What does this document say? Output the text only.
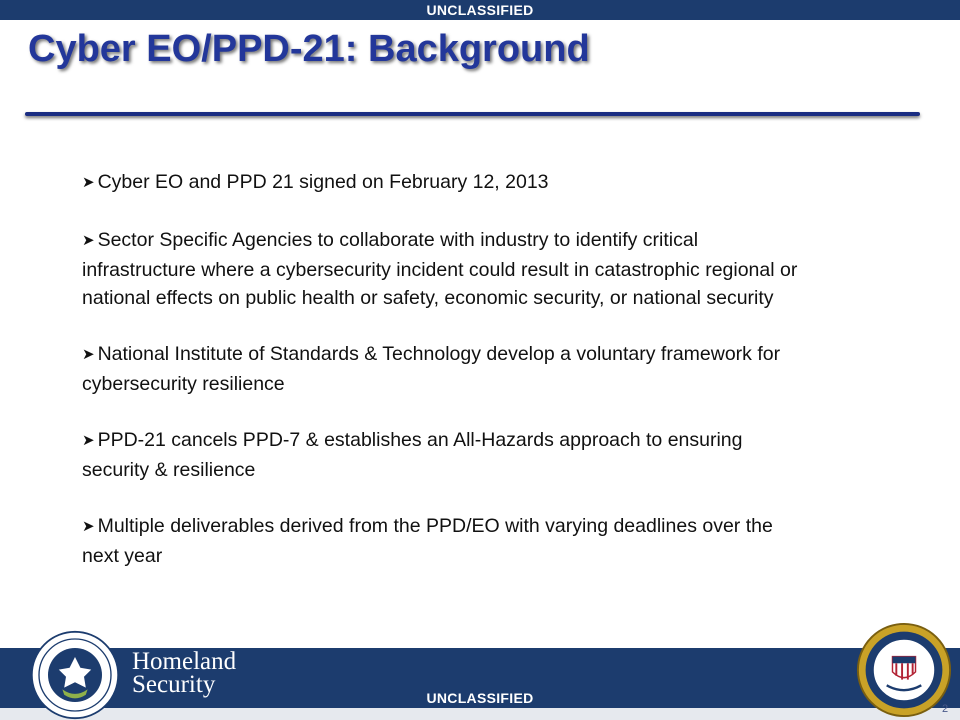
UNCLASSIFIED
Cyber EO/PPD-21: Background
➤ Cyber EO and PPD 21 signed on February 12, 2013
➤ Sector Specific Agencies to collaborate with industry to identify critical infrastructure where a cybersecurity incident could result in catastrophic regional or national effects on public health or safety, economic security, or national security
➤ National Institute of Standards & Technology develop a voluntary framework for cybersecurity resilience
➤ PPD-21 cancels PPD-7 & establishes an All-Hazards approach to ensuring security & resilience
➤ Multiple deliverables derived from the PPD/EO with varying deadlines over the next year
UNCLASSIFIED
Homeland
Security
2
